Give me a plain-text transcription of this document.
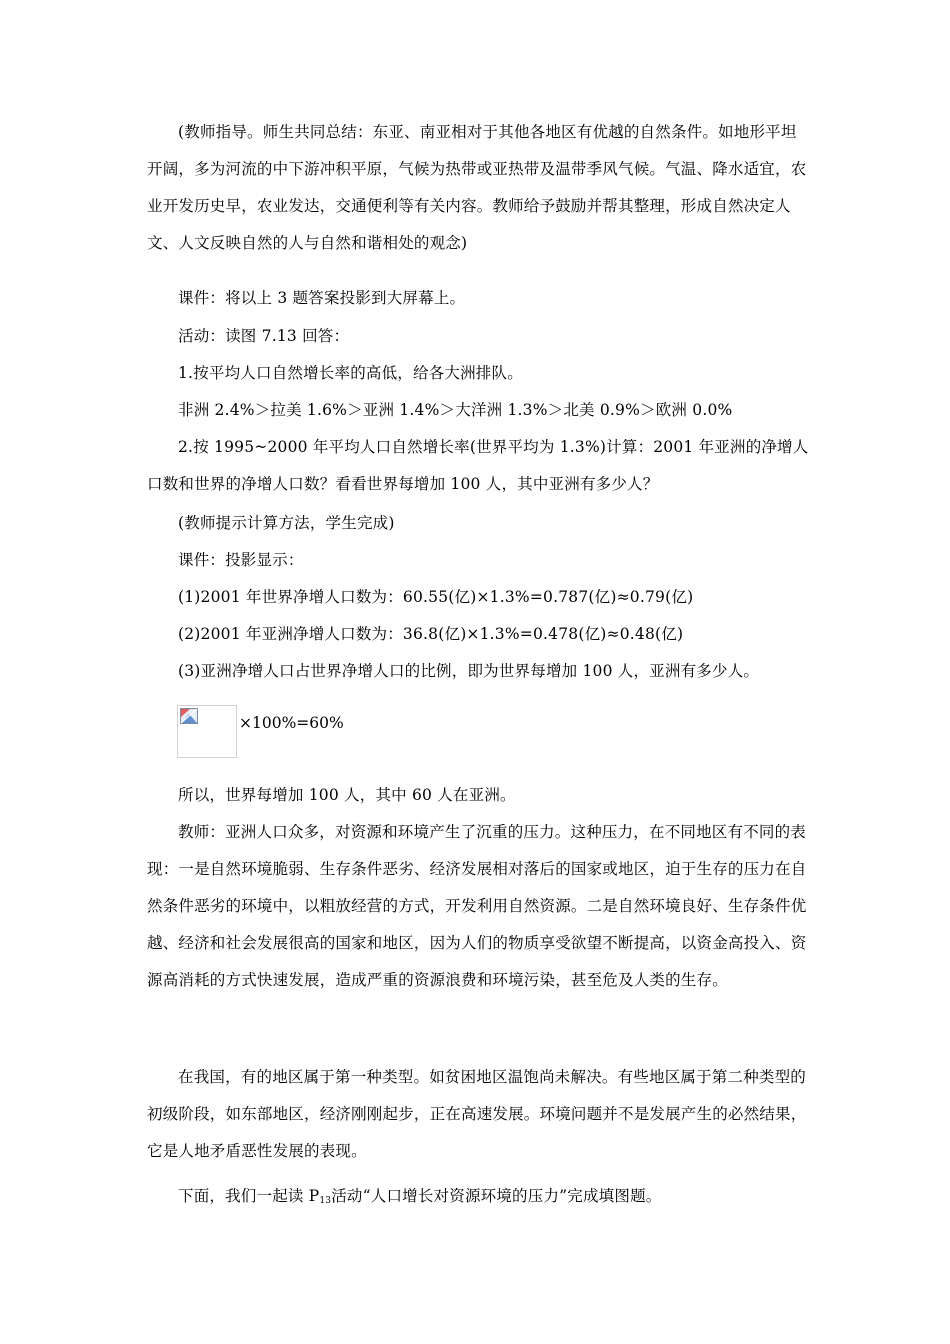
(教师指导。师生共同总结：东亚、南亚相对于其他各地区有优越的自然条件。如地形平坦开阔，多为河流的中下游冲积平原，气候为热带或亚热带及温带季风气候。气温、降水适宜，农业开发历史早，农业发达，交通便利等有关内容。教师给予鼓励并帮其整理，形成自然决定人文、人文反映自然的人与自然和谐相处的观念)

课件：将以上 3 题答案投影到大屏幕上。

活动：读图 7.13 回答：

1.按平均人口自然增长率的高低，给各大洲排队。

非洲 2.4%＞拉美 1.6%＞亚洲 1.4%＞大洋洲 1.3%＞北美 0.9%＞欧洲 0.0%

2.按 1995~2000 年平均人口自然增长率(世界平均为 1.3%)计算：2001 年亚洲的净增人口数和世界的净增人口数？看看世界每增加 100 人，其中亚洲有多少人？

(教师提示计算方法，学生完成)

课件：投影显示：

(1)2001 年世界净增人口数为：60.55(亿)×1.3%=0.787(亿)≈0.79(亿)

(2)2001 年亚洲净增人口数为：36.8(亿)×1.3%=0.478(亿)≈0.48(亿)

(3)亚洲净增人口占世界净增人口的比例，即为世界每增加 100 人，亚洲有多少人。

×100%=60%

所以，世界每增加 100 人，其中 60 人在亚洲。

教师：亚洲人口众多，对资源和环境产生了沉重的压力。这种压力，在不同地区有不同的表现：一是自然环境脆弱、生存条件恶劣、经济发展相对落后的国家或地区，迫于生存的压力在自然条件恶劣的环境中，以粗放经营的方式，开发利用自然资源。二是自然环境良好、生存条件优越、经济和社会发展很高的国家和地区，因为人们的物质享受欲望不断提高，以资金高投入、资源高消耗的方式快速发展，造成严重的资源浪费和环境污染，甚至危及人类的生存。

在我国，有的地区属于第一种类型。如贫困地区温饱尚未解决。有些地区属于第二种类型的初级阶段，如东部地区，经济刚刚起步，正在高速发展。环境问题并不是发展产生的必然结果，它是人地矛盾恶性发展的表现。

下面，我们一起读 $P_{13}$活动“人口增长对资源环境的压力”完成填图题。
